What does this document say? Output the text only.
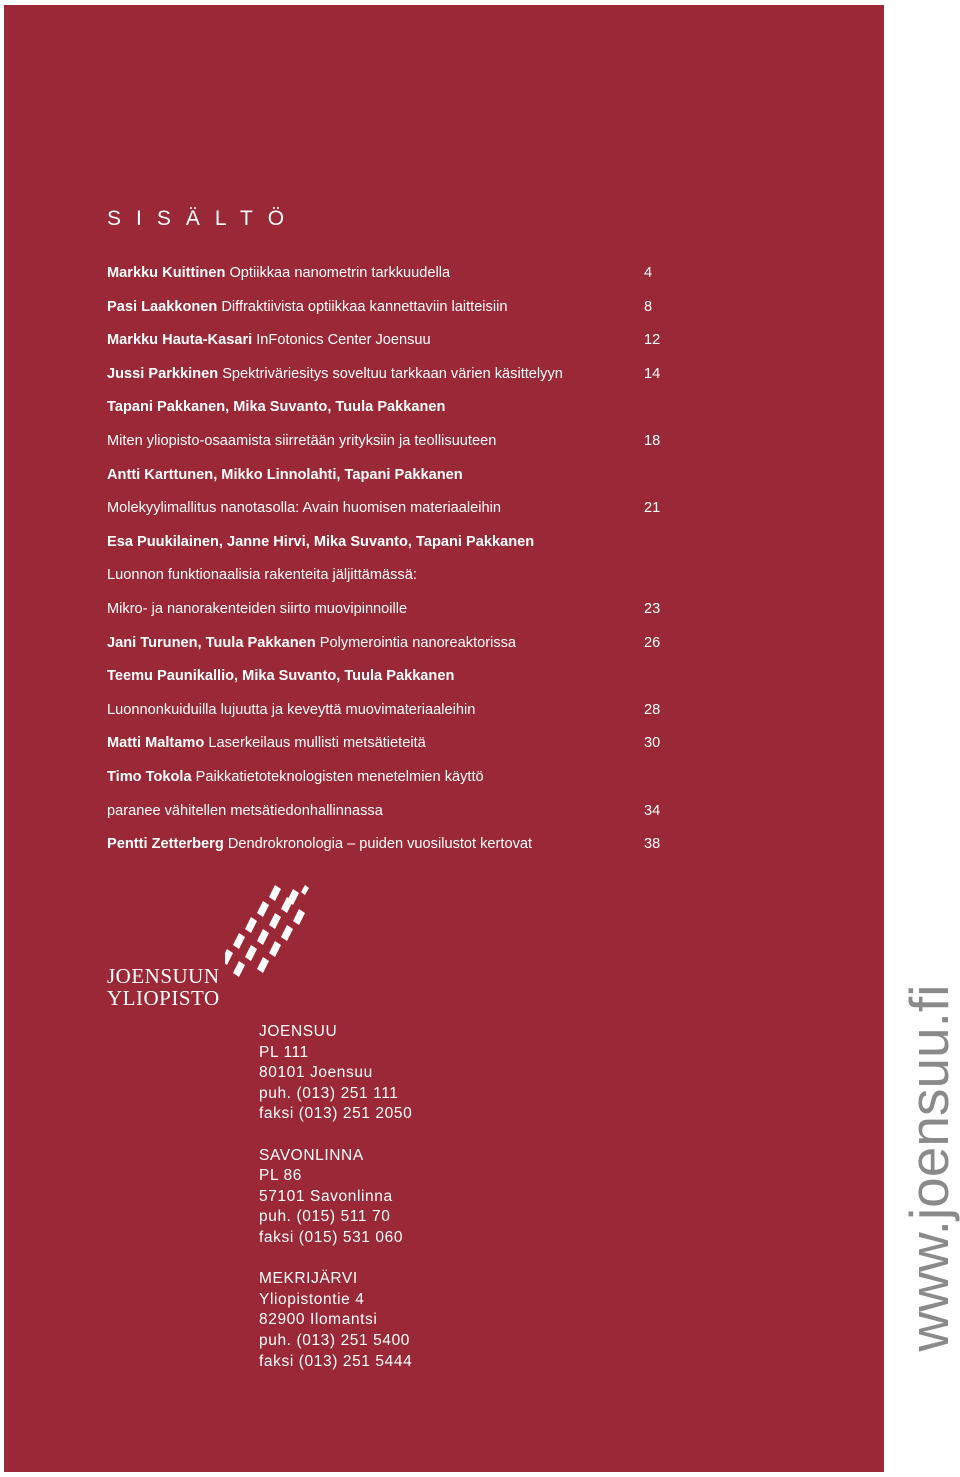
SISÄLTÖ
Markku Kuittinen Optiikkaa nanometrin tarkkuudella	4
Pasi Laakkonen Diffraktiivista optiikkaa kannettaviin laitteisiin	8
Markku Hauta-Kasari InFotonics Center Joensuu	12
Jussi Parkkinen Spektriväriesitys soveltuu tarkkaan värien käsittelyyn	14
Tapani Pakkanen, Mika Suvanto, Tuula Pakkanen
Miten yliopisto-osaamista siirretään yrityksiin ja teollisuuteen	18
Antti Karttunen, Mikko Linnolahti, Tapani Pakkanen
Molekyylimallitus nanotasolla: Avain huomisen materiaaleihin	21
Esa Puukilainen, Janne Hirvi, Mika Suvanto, Tapani Pakkanen
Luonnon funktionaalisia rakenteita jäljittämässä:
Mikro- ja nanorakenteiden siirto muovipinnoille	23
Jani Turunen, Tuula Pakkanen Polymerointia nanoreaktorissa	26
Teemu Paunikallio, Mika Suvanto, Tuula Pakkanen
Luonnonkuiduilla lujuutta ja keveyttä muovimateriaaleihin	28
Matti Maltamo Laserkeilaus mullisti metsätieteitä	30
Timo Tokola Paikkatietoteknologisten menetelmien käyttö
paranee vähitellen metsätiedonhallinnassa	34
Pentti Zetterberg Dendrokronologia – puiden vuosilustot kertovat	38
JOENSUUN
YLIOPISTO
JOENSUU
PL 111
80101 Joensuu
puh. (013) 251 111
faksi (013) 251 2050
SAVONLINNA
PL 86
57101 Savonlinna
puh. (015) 511 70
faksi (015) 531 060
MEKRIJÄRVI
Yliopistontie 4
82900 Ilomantsi
puh. (013) 251 5400
faksi (013) 251 5444
www.joensuu.fi
